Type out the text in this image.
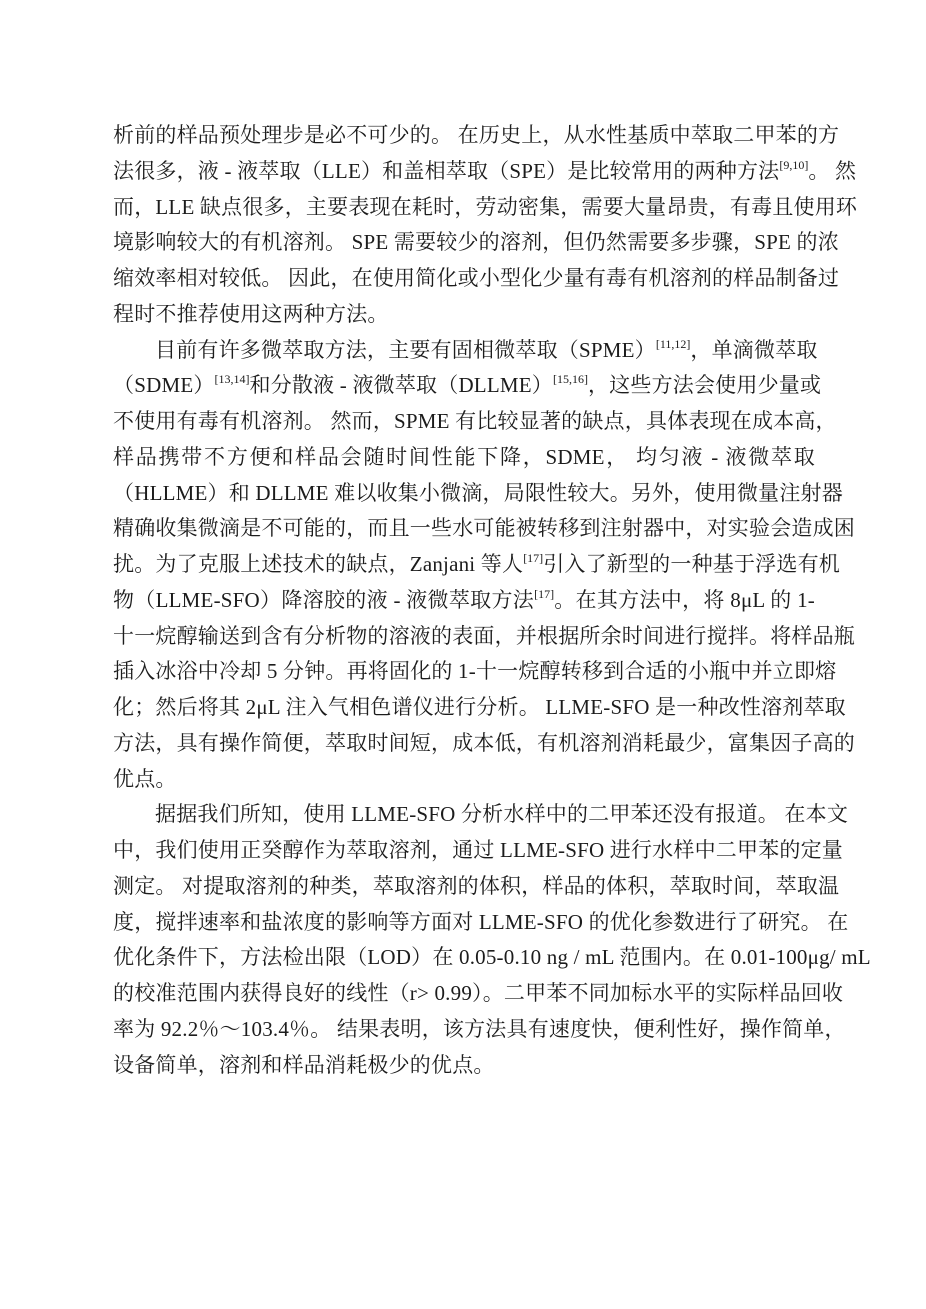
析前的样品预处理步是必不可少的。 在历史上，从水性基质中萃取二甲苯的方
法很多，液 - 液萃取（LLE）和盖相萃取（SPE）是比较常用的两种方法[9,10]。 然
而，LLE 缺点很多，主要表现在耗时，劳动密集，需要大量昂贵，有毒且使用环
境影响较大的有机溶剂。 SPE 需要较少的溶剂，但仍然需要多步骤，SPE 的浓
缩效率相对较低。 因此，在使用简化或小型化少量有毒有机溶剂的样品制备过
程时不推荐使用这两种方法。
目前有许多微萃取方法，主要有固相微萃取（SPME）[11,12]，单滴微萃取
（SDME）[13,14]和分散液 - 液微萃取（DLLME）[15,16]，这些方法会使用少量或
不使用有毒有机溶剂。 然而，SPME 有比较显著的缺点，具体表现在成本高，
样品携带不方便和样品会随时间性能下降，SDME， 均匀液 - 液微萃取
（HLLME）和 DLLME 难以收集小微滴，局限性较大。另外，使用微量注射器
精确收集微滴是不可能的，而且一些水可能被转移到注射器中，对实验会造成困
扰。为了克服上述技术的缺点，Zanjani 等人[17]引入了新型的一种基于浮选有机
物（LLME-SFO）降溶胶的液 - 液微萃取方法[17]。在其方法中，将 8μL 的 1-
十一烷醇输送到含有分析物的溶液的表面，并根据所余时间进行搅拌。将样品瓶
插入冰浴中冷却 5 分钟。再将固化的 1-十一烷醇转移到合适的小瓶中并立即熔
化；然后将其 2μL 注入气相色谱仪进行分析。 LLME-SFO 是一种改性溶剂萃取
方法，具有操作简便，萃取时间短，成本低，有机溶剂消耗最少，富集因子高的
优点。
据据我们所知，使用 LLME-SFO 分析水样中的二甲苯还没有报道。 在本文
中，我们使用正癸醇作为萃取溶剂，通过 LLME-SFO 进行水样中二甲苯的定量
测定。 对提取溶剂的种类，萃取溶剂的体积，样品的体积，萃取时间，萃取温
度，搅拌速率和盐浓度的影响等方面对 LLME-SFO 的优化参数进行了研究。 在
优化条件下，方法检出限（LOD）在 0.05-0.10 ng / mL 范围内。在 0.01-100μg/ mL
的校准范围内获得良好的线性（r> 0.99）。二甲苯不同加标水平的实际样品回收
率为 92.2％～103.4％。 结果表明，该方法具有速度快，便利性好，操作简单，
设备简单，溶剂和样品消耗极少的优点。
